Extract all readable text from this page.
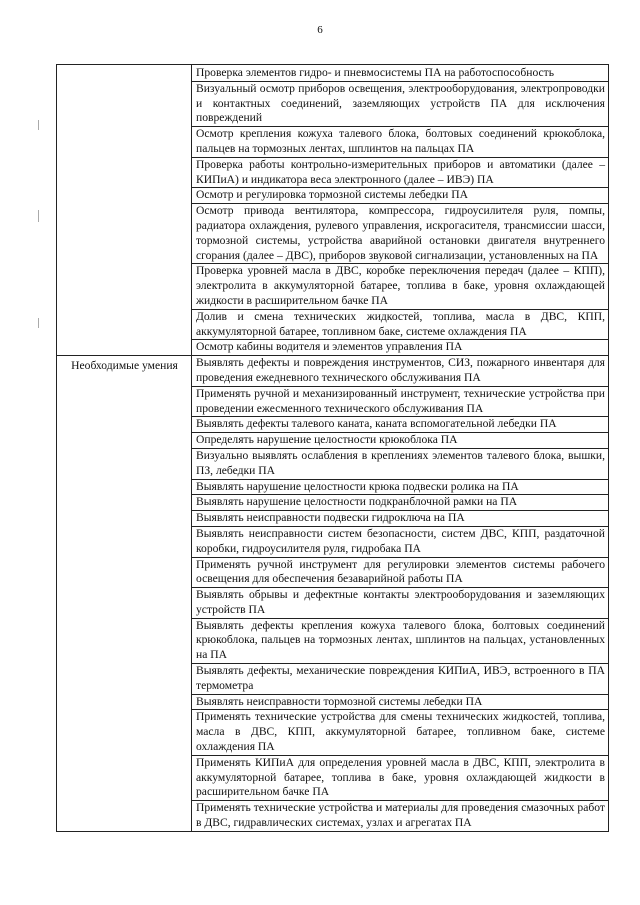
6
	Проверка элементов гидро- и пневмосистемы ПА на работоспособность
	Визуальный осмотр приборов освещения, электрооборудования, электропроводки и контактных соединений, заземляющих устройств ПА для исключения повреждений
	Осмотр крепления кожуха талевого блока, болтовых соединений крюкоблока, пальцев на тормозных лентах, шплинтов на пальцах ПА
	Проверка работы контрольно-измерительных приборов и автоматики (далее – КИПиА) и индикатора веса электронного (далее – ИВЭ) ПА
	Осмотр и регулировка тормозной системы лебедки ПА
	Осмотр привода вентилятора, компрессора, гидроусилителя руля, помпы, радиатора охлаждения, рулевого управления, искрогасителя, трансмиссии шасси, тормозной системы, устройства аварийной остановки двигателя внутреннего сгорания (далее – ДВС), приборов звуковой сигнализации, установленных на ПА
	Проверка уровней масла в ДВС, коробке переключения передач (далее – КПП), электролита в аккумуляторной батарее, топлива в баке, уровня охлаждающей жидкости в расширительном бачке ПА
	Долив и смена технических жидкостей, топлива, масла в ДВС, КПП, аккумуляторной батарее, топливном баке, системе охлаждения ПА
	Осмотр кабины водителя и элементов управления ПА
Необходимые умения	Выявлять дефекты и повреждения инструментов, СИЗ, пожарного инвентаря для проведения ежедневного технического обслуживания ПА
	Применять ручной и механизированный инструмент, технические устройства при проведении ежесменного технического обслуживания ПА
	Выявлять дефекты талевого каната, каната вспомогательной лебедки ПА
	Определять нарушение целостности крюкоблока ПА
	Визуально выявлять ослабления в креплениях элементов талевого блока, вышки, ПЗ, лебедки ПА
	Выявлять нарушение целостности крюка подвески ролика на ПА
	Выявлять нарушение целостности подкранблочной рамки на ПА
	Выявлять неисправности подвески гидроключа на ПА
	Выявлять неисправности систем безопасности, систем ДВС, КПП, раздаточной коробки, гидроусилителя руля, гидробака ПА
	Применять ручной инструмент для регулировки элементов системы рабочего освещения для обеспечения безаварийной работы ПА
	Выявлять обрывы и дефектные контакты электрооборудования и заземляющих устройств ПА
	Выявлять дефекты крепления кожуха талевого блока, болтовых соединений крюкоблока, пальцев на тормозных лентах, шплинтов на пальцах, установленных на ПА
	Выявлять дефекты, механические повреждения КИПиА, ИВЭ, встроенного в ПА термометра
	Выявлять неисправности тормозной системы лебедки ПА
	Применять технические устройства для смены технических жидкостей, топлива, масла в ДВС, КПП, аккумуляторной батарее, топливном баке, системе охлаждения ПА
	Применять КИПиА для определения уровней масла в ДВС, КПП, электролита в аккумуляторной батарее, топлива в баке, уровня охлаждающей жидкости в расширительном бачке ПА
	Применять технические устройства и материалы для проведения смазочных работ в ДВС, гидравлических системах, узлах и агрегатах ПА
